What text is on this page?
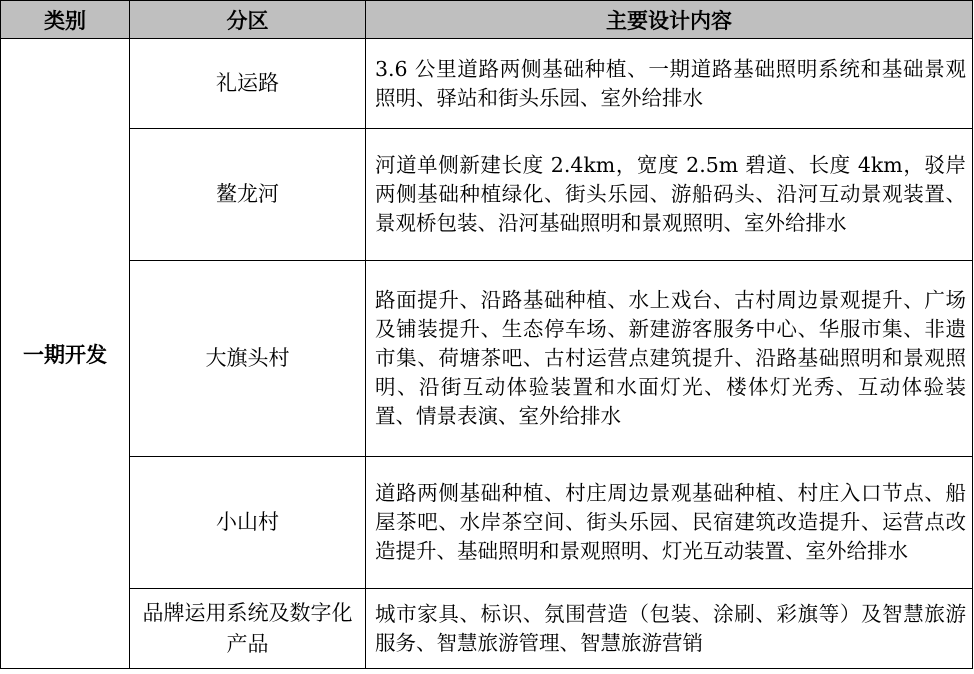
类别	分区	主要设计内容
一期开发	礼运路	3.6 公里道路两侧基础种植、一期道路基础照明系统和基础景观照明、驿站和街头乐园、室外给排水
	鳌龙河	河道单侧新建长度 2.4km，宽度 2.5m 碧道、长度 4km，驳岸两侧基础种植绿化、街头乐园、游船码头、沿河互动景观装置、景观桥包装、沿河基础照明和景观照明、室外给排水
	大旗头村	路面提升、沿路基础种植、水上戏台、古村周边景观提升、广场及铺装提升、生态停车场、新建游客服务中心、华服市集、非遗市集、荷塘茶吧、古村运营点建筑提升、沿路基础照明和景观照明、沿街互动体验装置和水面灯光、楼体灯光秀、互动体验装置、情景表演、室外给排水
	小山村	道路两侧基础种植、村庄周边景观基础种植、村庄入口节点、船屋茶吧、水岸茶空间、街头乐园、民宿建筑改造提升、运营点改造提升、基础照明和景观照明、灯光互动装置、室外给排水
	品牌运用系统及数字化产品	城市家具、标识、氛围营造（包装、涂刷、彩旗等）及智慧旅游服务、智慧旅游管理、智慧旅游营销
